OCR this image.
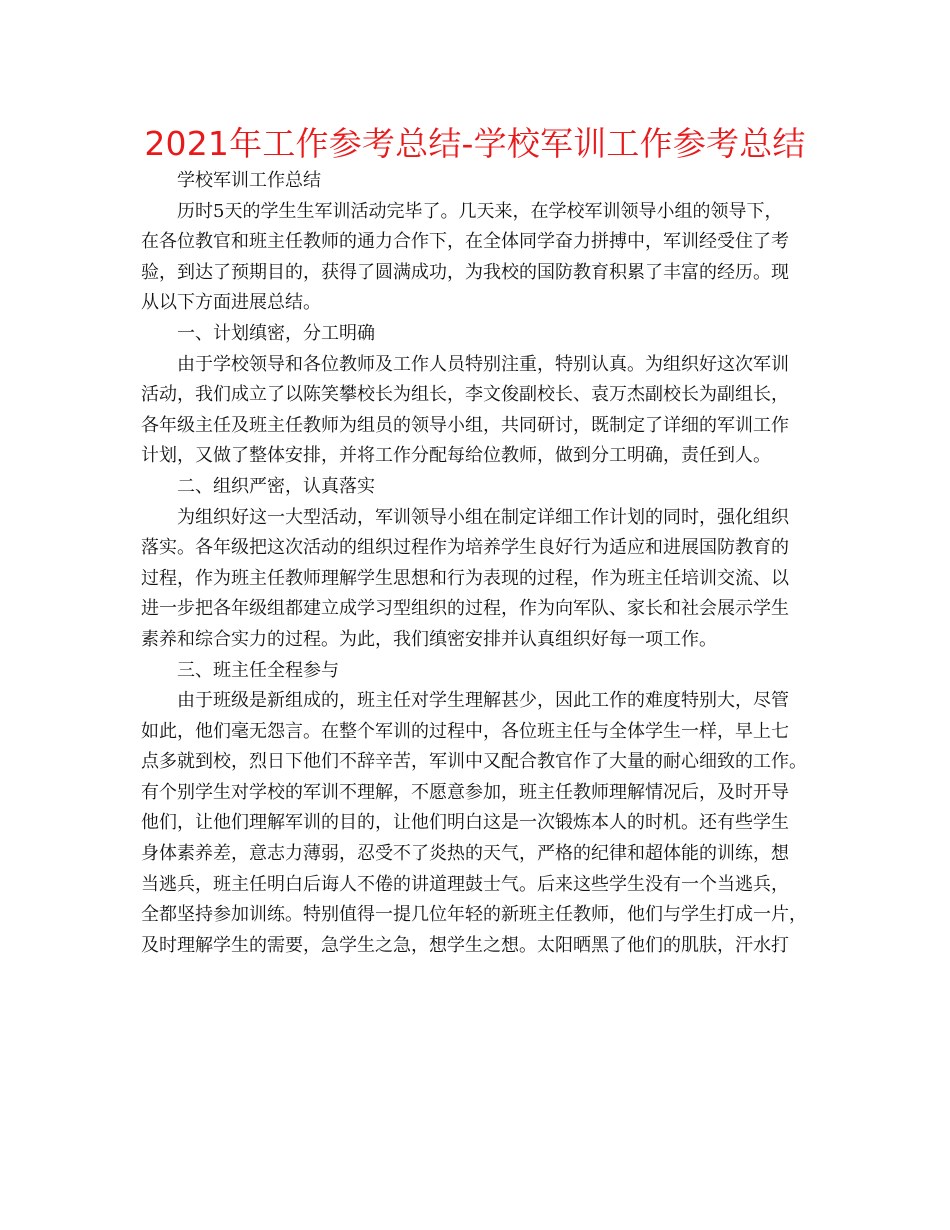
2021年工作参考总结-学校军训工作参考总结
学校军训工作总结
历时5天的学生生军训活动完毕了。几天来，在学校军训领导小组的领导下，
在各位教官和班主任教师的通力合作下，在全体同学奋力拼搏中，军训经受住了考
验，到达了预期目的，获得了圆满成功，为我校的国防教育积累了丰富的经历。现
从以下方面进展总结。
一、计划缜密，分工明确
由于学校领导和各位教师及工作人员特别注重，特别认真。为组织好这次军训
活动，我们成立了以陈笑攀校长为组长，李文俊副校长、袁万杰副校长为副组长，
各年级主任及班主任教师为组员的领导小组，共同研讨，既制定了详细的军训工作
计划，又做了整体安排，并将工作分配每给位教师，做到分工明确，责任到人。
二、组织严密，认真落实
为组织好这一大型活动，军训领导小组在制定详细工作计划的同时，强化组织
落实。各年级把这次活动的组织过程作为培养学生良好行为适应和进展国防教育的
过程，作为班主任教师理解学生思想和行为表现的过程，作为班主任培训交流、以
进一步把各年级组都建立成学习型组织的过程，作为向军队、家长和社会展示学生
素养和综合实力的过程。为此，我们缜密安排并认真组织好每一项工作。
三、班主任全程参与
由于班级是新组成的，班主任对学生理解甚少，因此工作的难度特别大，尽管
如此，他们毫无怨言。在整个军训的过程中，各位班主任与全体学生一样，早上七
点多就到校，烈日下他们不辞辛苦，军训中又配合教官作了大量的耐心细致的工作。
有个别学生对学校的军训不理解，不愿意参加，班主任教师理解情况后，及时开导
他们，让他们理解军训的目的，让他们明白这是一次锻炼本人的时机。还有些学生
身体素养差，意志力薄弱，忍受不了炎热的天气，严格的纪律和超体能的训练，想
当逃兵，班主任明白后诲人不倦的讲道理鼓士气。后来这些学生没有一个当逃兵，
全都坚持参加训练。特别值得一提几位年轻的新班主任教师，他们与学生打成一片，
及时理解学生的需要，急学生之急，想学生之想。太阳晒黑了他们的肌肤，汗水打
